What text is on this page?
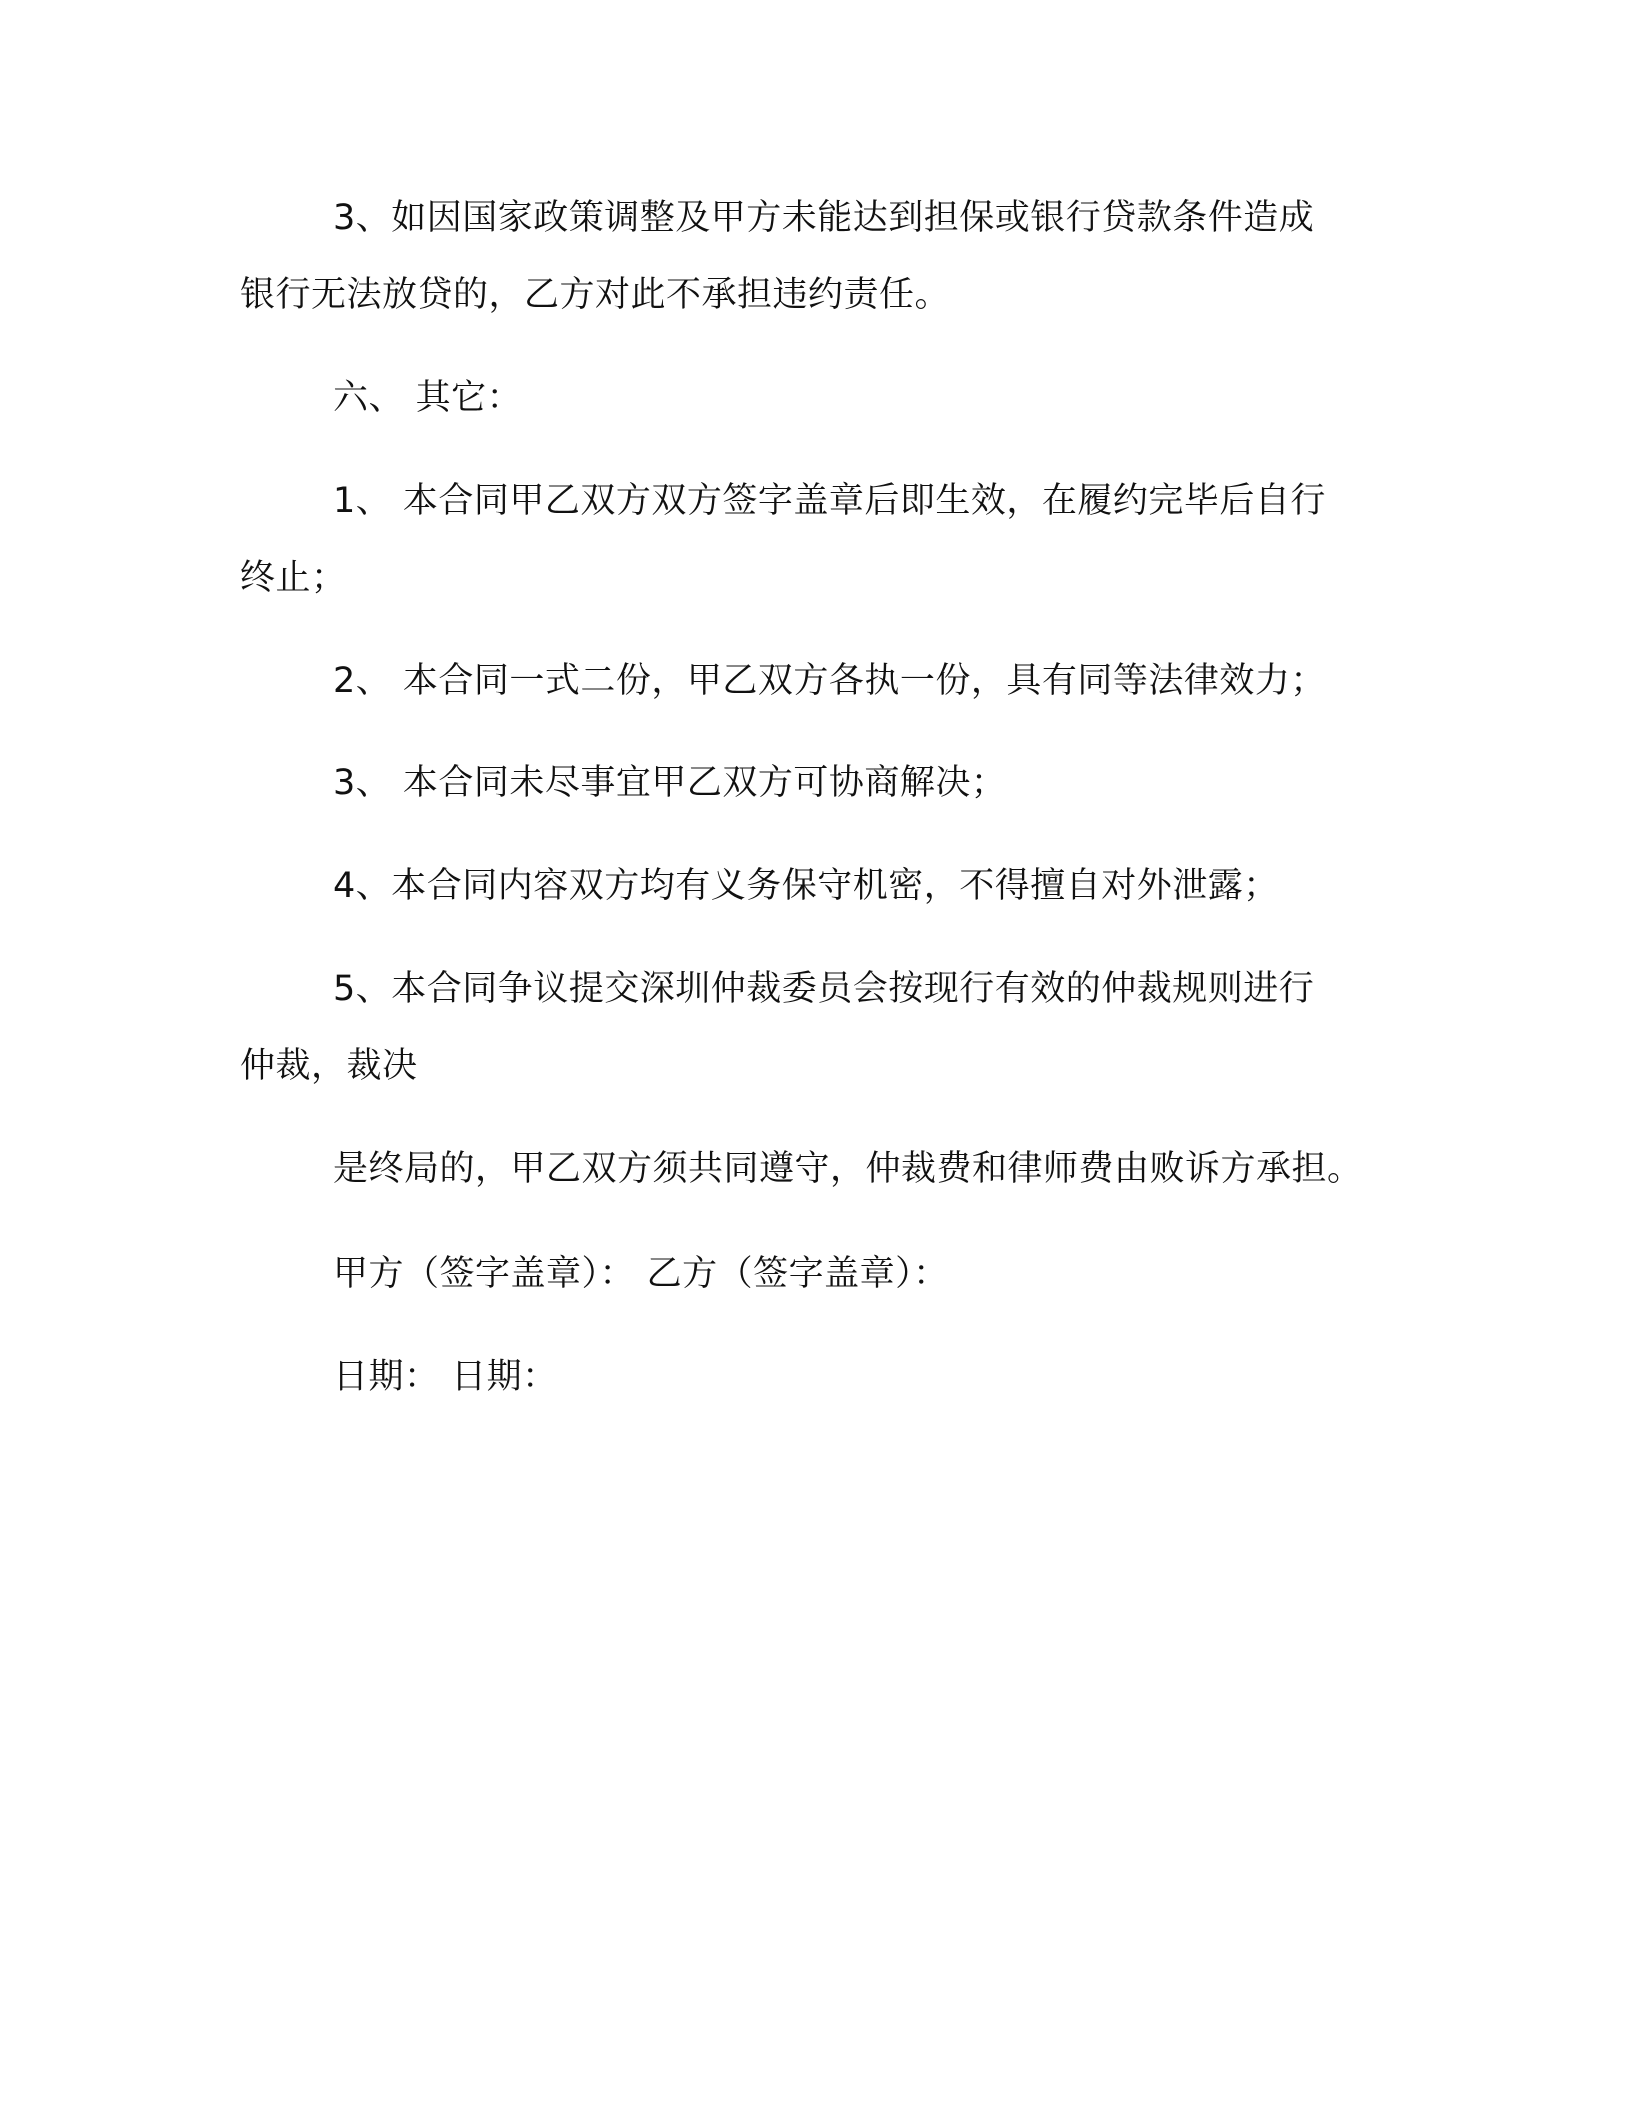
3、如因国家政策调整及甲方未能达到担保或银行贷款条件造成
银行无法放贷的，乙方对此不承担违约责任。
六、 其它：
1、 本合同甲乙双方双方签字盖章后即生效，在履约完毕后自行
终止；
2、 本合同一式二份，甲乙双方各执一份，具有同等法律效力；
3、 本合同未尽事宜甲乙双方可协商解决；
4、本合同内容双方均有义务保守机密，不得擅自对外泄露；
5、本合同争议提交深圳仲裁委员会按现行有效的仲裁规则进行
仲裁，裁决
是终局的，甲乙双方须共同遵守，仲裁费和律师费由败诉方承担。
甲方（签字盖章）： 乙方（签字盖章）：
日期： 日期：
